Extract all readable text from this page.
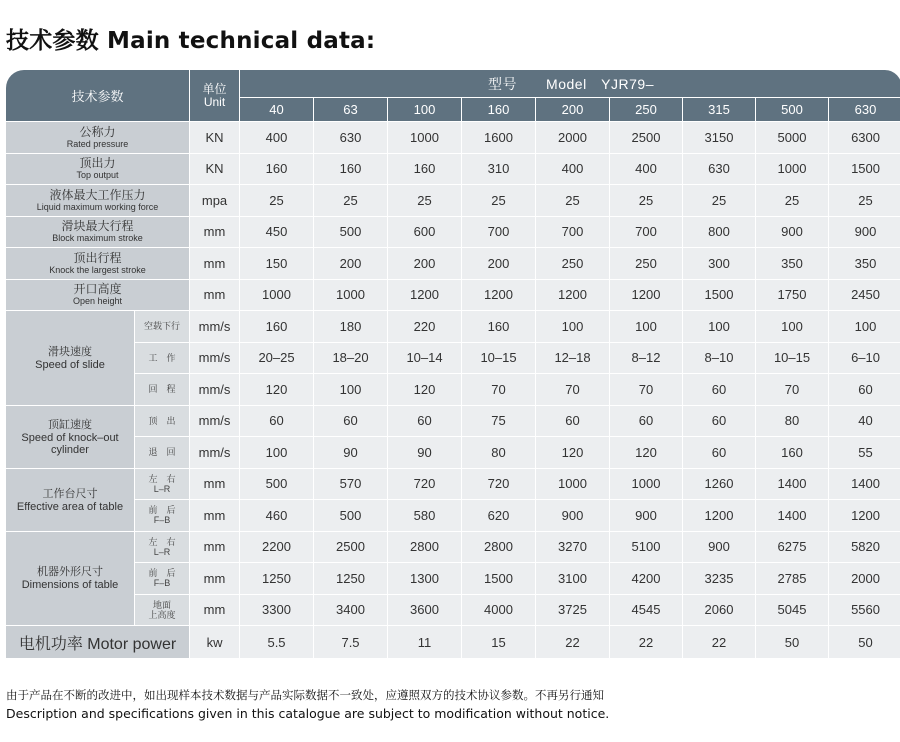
技术参数 Main technical data:
技术参数		单位
Unit	型号　　Model　YJR79–								
			40	63	100	160	200	250	315	500	630

公称力
Rated pressure		KN	400	630	1000	1600	2000	2500	3150	5000	6300

顶出力
Top output		KN	160	160	160	310	400	400	630	1000	1500

液体最大工作压力
Liquid maximum working force		mpa	25	25	25	25	25	25	25	25	25

滑块最大行程
Block maximum stroke		mm	450	500	600	700	700	700	800	900	900

顶出行程
Knock the largest stroke		mm	150	200	200	200	250	250	300	350	350

开口高度
Open height		mm	1000	1000	1200	1200	1200	1200	1500	1750	2450

滑块速度
Speed of slide	空载下行	mm/s	160	180	220	160	100	100	100	100	100
	工　作	mm/s	20–25	18–20	10–14	10–15	12–18	8–12	8–10	10–15	6–10
	回　程	mm/s	120	100	120	70	70	70	60	70	60

顶缸速度
Speed of knock–out cylinder	顶　出	mm/s	60	60	60	75	60	60	60	80	40
	退　回	mm/s	100	90	90	80	120	120	60	160	55

工作台尺寸
Effective area of table	左　右
L–R	mm	500	570	720	720	1000	1000	1260	1400	1400

	前　后
F–B	mm	460	500	580	620	900	900	1200	1400	1200

机器外形尺寸
Dimensions of table	左　右
L–R	mm	2200	2500	2800	2800	3270	5100	900	6275	5820

	前　后
F–B	mm	1250	1250	1300	1500	3100	4200	3235	2785	2000

	地面
上高度	mm	3300	3400	3600	4000	3725	4545	2060	5045	5560
电机功率 Motor power		kw	5.5	7.5	11	15	22	22	22	50	50
由于产品在不断的改进中，如出现样本技术数据与产品实际数据不一致处，应遵照双方的技术协议参数。不再另行通知
Description and specifications given in this catalogue are subject to modification without notice.
